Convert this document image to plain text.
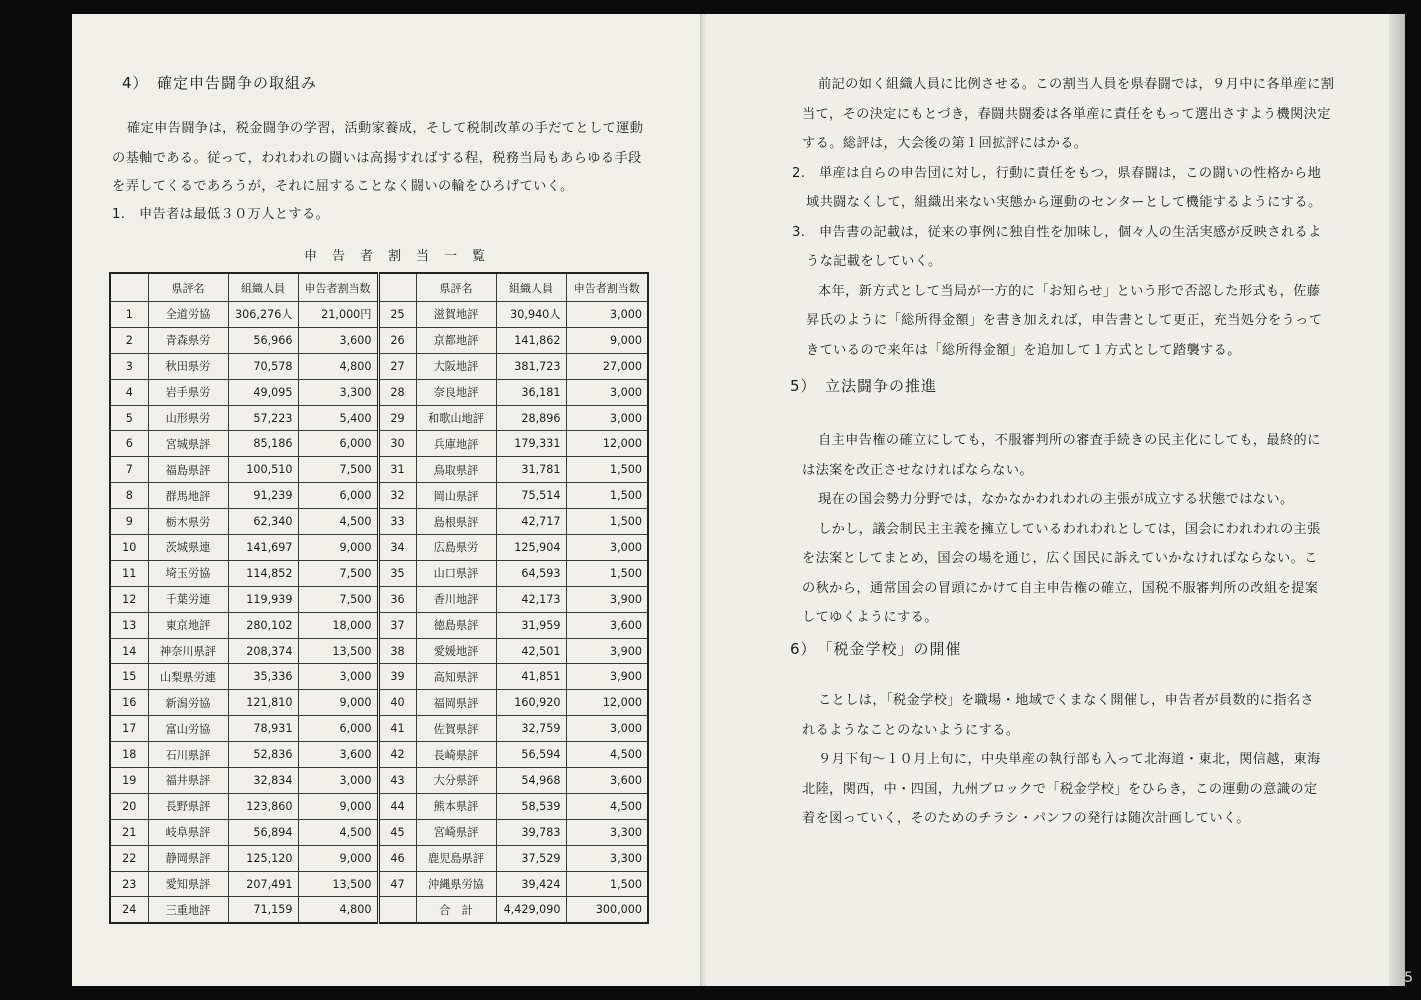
4）　確定申告闘争の取組み
確定申告闘争は，税金闘争の学習，活動家養成，そして税制改革の手だてとして運動
の基軸である。従って，われわれの闘いは高揚すればする程，税務当局もあらゆる手段
を弄してくるであろうが，それに屈することなく闘いの輪をひろげていく。
1.　申告者は最低３０万人とする。
申　告　者　割　当　一　覧
	県評名	組織人員	申告者割当数		県評名	組織人員	申告者割当数
1	全道労協	306,276人	21,000円	25	滋賀地評	30,940人	3,000
2	青森県労	56,966	3,600	26	京都地評	141,862	9,000
3	秋田県労	70,578	4,800	27	大阪地評	381,723	27,000
4	岩手県労	49,095	3,300	28	奈良地評	36,181	3,000
5	山形県労	57,223	5,400	29	和歌山地評	28,896	3,000
6	宮城県評	85,186	6,000	30	兵庫地評	179,331	12,000
7	福島県評	100,510	7,500	31	鳥取県評	31,781	1,500
8	群馬地評	91,239	6,000	32	岡山県評	75,514	1,500
9	栃木県労	62,340	4,500	33	島根県評	42,717	1,500
10	茨城県連	141,697	9,000	34	広島県労	125,904	3,000
11	埼玉労協	114,852	7,500	35	山口県評	64,593	1,500
12	千葉労連	119,939	7,500	36	香川地評	42,173	3,900
13	東京地評	280,102	18,000	37	徳島県評	31,959	3,600
14	神奈川県評	208,374	13,500	38	愛媛地評	42,501	3,900
15	山梨県労連	35,336	3,000	39	高知県評	41,851	3,900
16	新潟労協	121,810	9,000	40	福岡県評	160,920	12,000
17	富山労協	78,931	6,000	41	佐賀県評	32,759	3,000
18	石川県評	52,836	3,600	42	長崎県評	56,594	4,500
19	福井県評	32,834	3,000	43	大分県評	54,968	3,600
20	長野県評	123,860	9,000	44	熊本県評	58,539	4,500
21	岐阜県評	56,894	4,500	45	宮崎県評	39,783	3,300
22	静岡県評	125,120	9,000	46	鹿児島県評	37,529	3,300
23	愛知県評	207,491	13,500	47	沖縄県労協	39,424	1,500
24	三重地評	71,159	4,800		合　計	4,429,090	300,000
前記の如く組織人員に比例させる。この割当人員を県春闘では，９月中に各単産に割
当て，その決定にもとづき，春闘共闘委は各単産に責任をもって選出さすよう機関決定
する。総評は，大会後の第１回拡評にはかる。
2.　単産は自らの申告団に対し，行動に責任をもつ，県春闘は，この闘いの性格から地
域共闘なくして，組織出来ない実態から運動のセンターとして機能するようにする。
3.　申告書の記載は，従来の事例に独自性を加味し，個々人の生活実感が反映されるよ
うな記載をしていく。
本年，新方式として当局が一方的に「お知らせ」という形で否認した形式も，佐藤
昇氏のように「総所得金額」を書き加えれば，申告書として更正，充当処分をうって
きているので来年は「総所得金額」を追加して１方式として踏襲する。
5）　立法闘争の推進
自主申告権の確立にしても，不服審判所の審査手続きの民主化にしても，最終的に
は法案を改正させなければならない。
現在の国会勢力分野では，なかなかわれわれの主張が成立する状態ではない。
しかし，議会制民主主義を擁立しているわれわれとしては，国会にわれわれの主張
を法案としてまとめ，国会の場を通じ，広く国民に訴えていかなければならない。こ
の秋から，通常国会の冒頭にかけて自主申告権の確立，国税不服審判所の改組を提案
してゆくようにする。
6）　「税金学校」の開催
ことしは，「税金学校」を職場・地域でくまなく開催し，申告者が員数的に指名さ
れるようなことのないようにする。
９月下旬～１０月上旬に，中央単産の執行部も入って北海道・東北，関信越，東海
北陸，関西，中・四国，九州ブロックで「税金学校」をひらき，この運動の意識の定
着を図っていく，そのためのチラシ・パンフの発行は随次計画していく。
5
